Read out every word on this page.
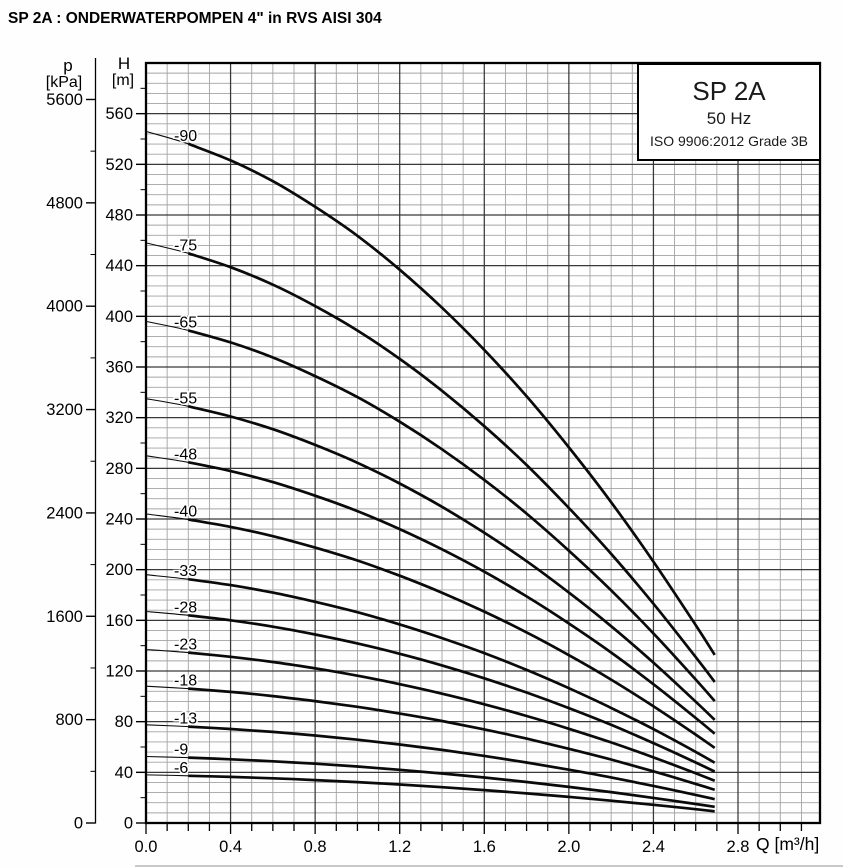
SP 2A : ONDERWATERPOMPEN 4" in RVS AISI 304
0.0	0.4	0.8	1.2	1.6	2.0	2.4	2.8
560
520
480
440
400
360
320
280
240
200
160
120
80
40
0
5600
4800
4000
3200
2400
1600
800
0
-90
-75
-65
-55
-48
-40
-33
-28
-23
-18
-13
-9
-6
p
[kPa]
H
[m]
Q [m³/h]
SP 2A
50 Hz
ISO 9906:2012 Grade 3B
